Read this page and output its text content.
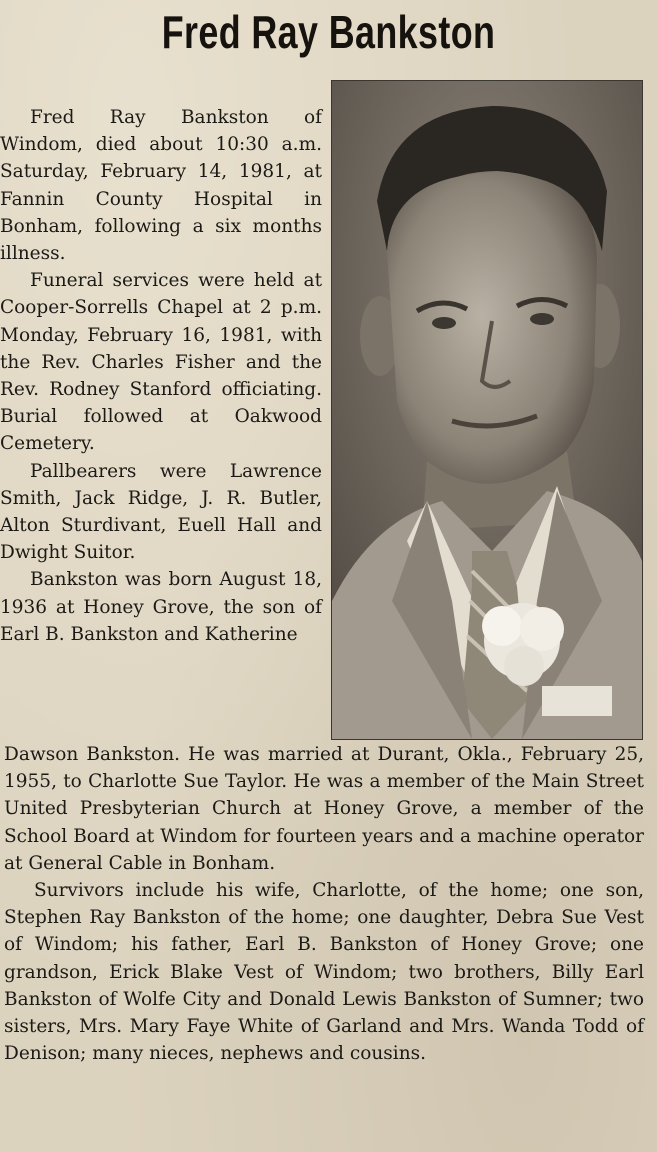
Fred Ray Bankston

Fred Ray Bankston of Windom, died about 10:30 a.m. Saturday, February 14, 1981, at Fannin County Hospital in Bonham, following a six months illness.

Funeral services were held at Cooper-Sorrells Chapel at 2 p.m. Monday, February 16, 1981, with the Rev. Charles Fisher and the Rev. Rodney Stanford officiating. Burial followed at Oakwood Cemetery.

Pallbearers were Lawrence Smith, Jack Ridge, J. R. Butler, Alton Sturdivant, Euell Hall and Dwight Suitor.

Bankston was born August 18, 1936 at Honey Grove, the son of Earl B. Bankston and Katherine

Dawson Bankston. He was married at Durant, Okla., February 25, 1955, to Charlotte Sue Taylor. He was a member of the Main Street United Presbyterian Church at Honey Grove, a member of the School Board at Windom for fourteen years and a machine operator at General Cable in Bonham.

Survivors include his wife, Charlotte, of the home; one son, Stephen Ray Bankston of the home; one daughter, Debra Sue Vest of Windom; his father, Earl B. Bankston of Honey Grove; one grandson, Erick Blake Vest of Windom; two brothers, Billy Earl Bankston of Wolfe City and Donald Lewis Bankston of Sumner; two sisters, Mrs. Mary Faye White of Garland and Mrs. Wanda Todd of Denison; many nieces, nephews and cousins.
